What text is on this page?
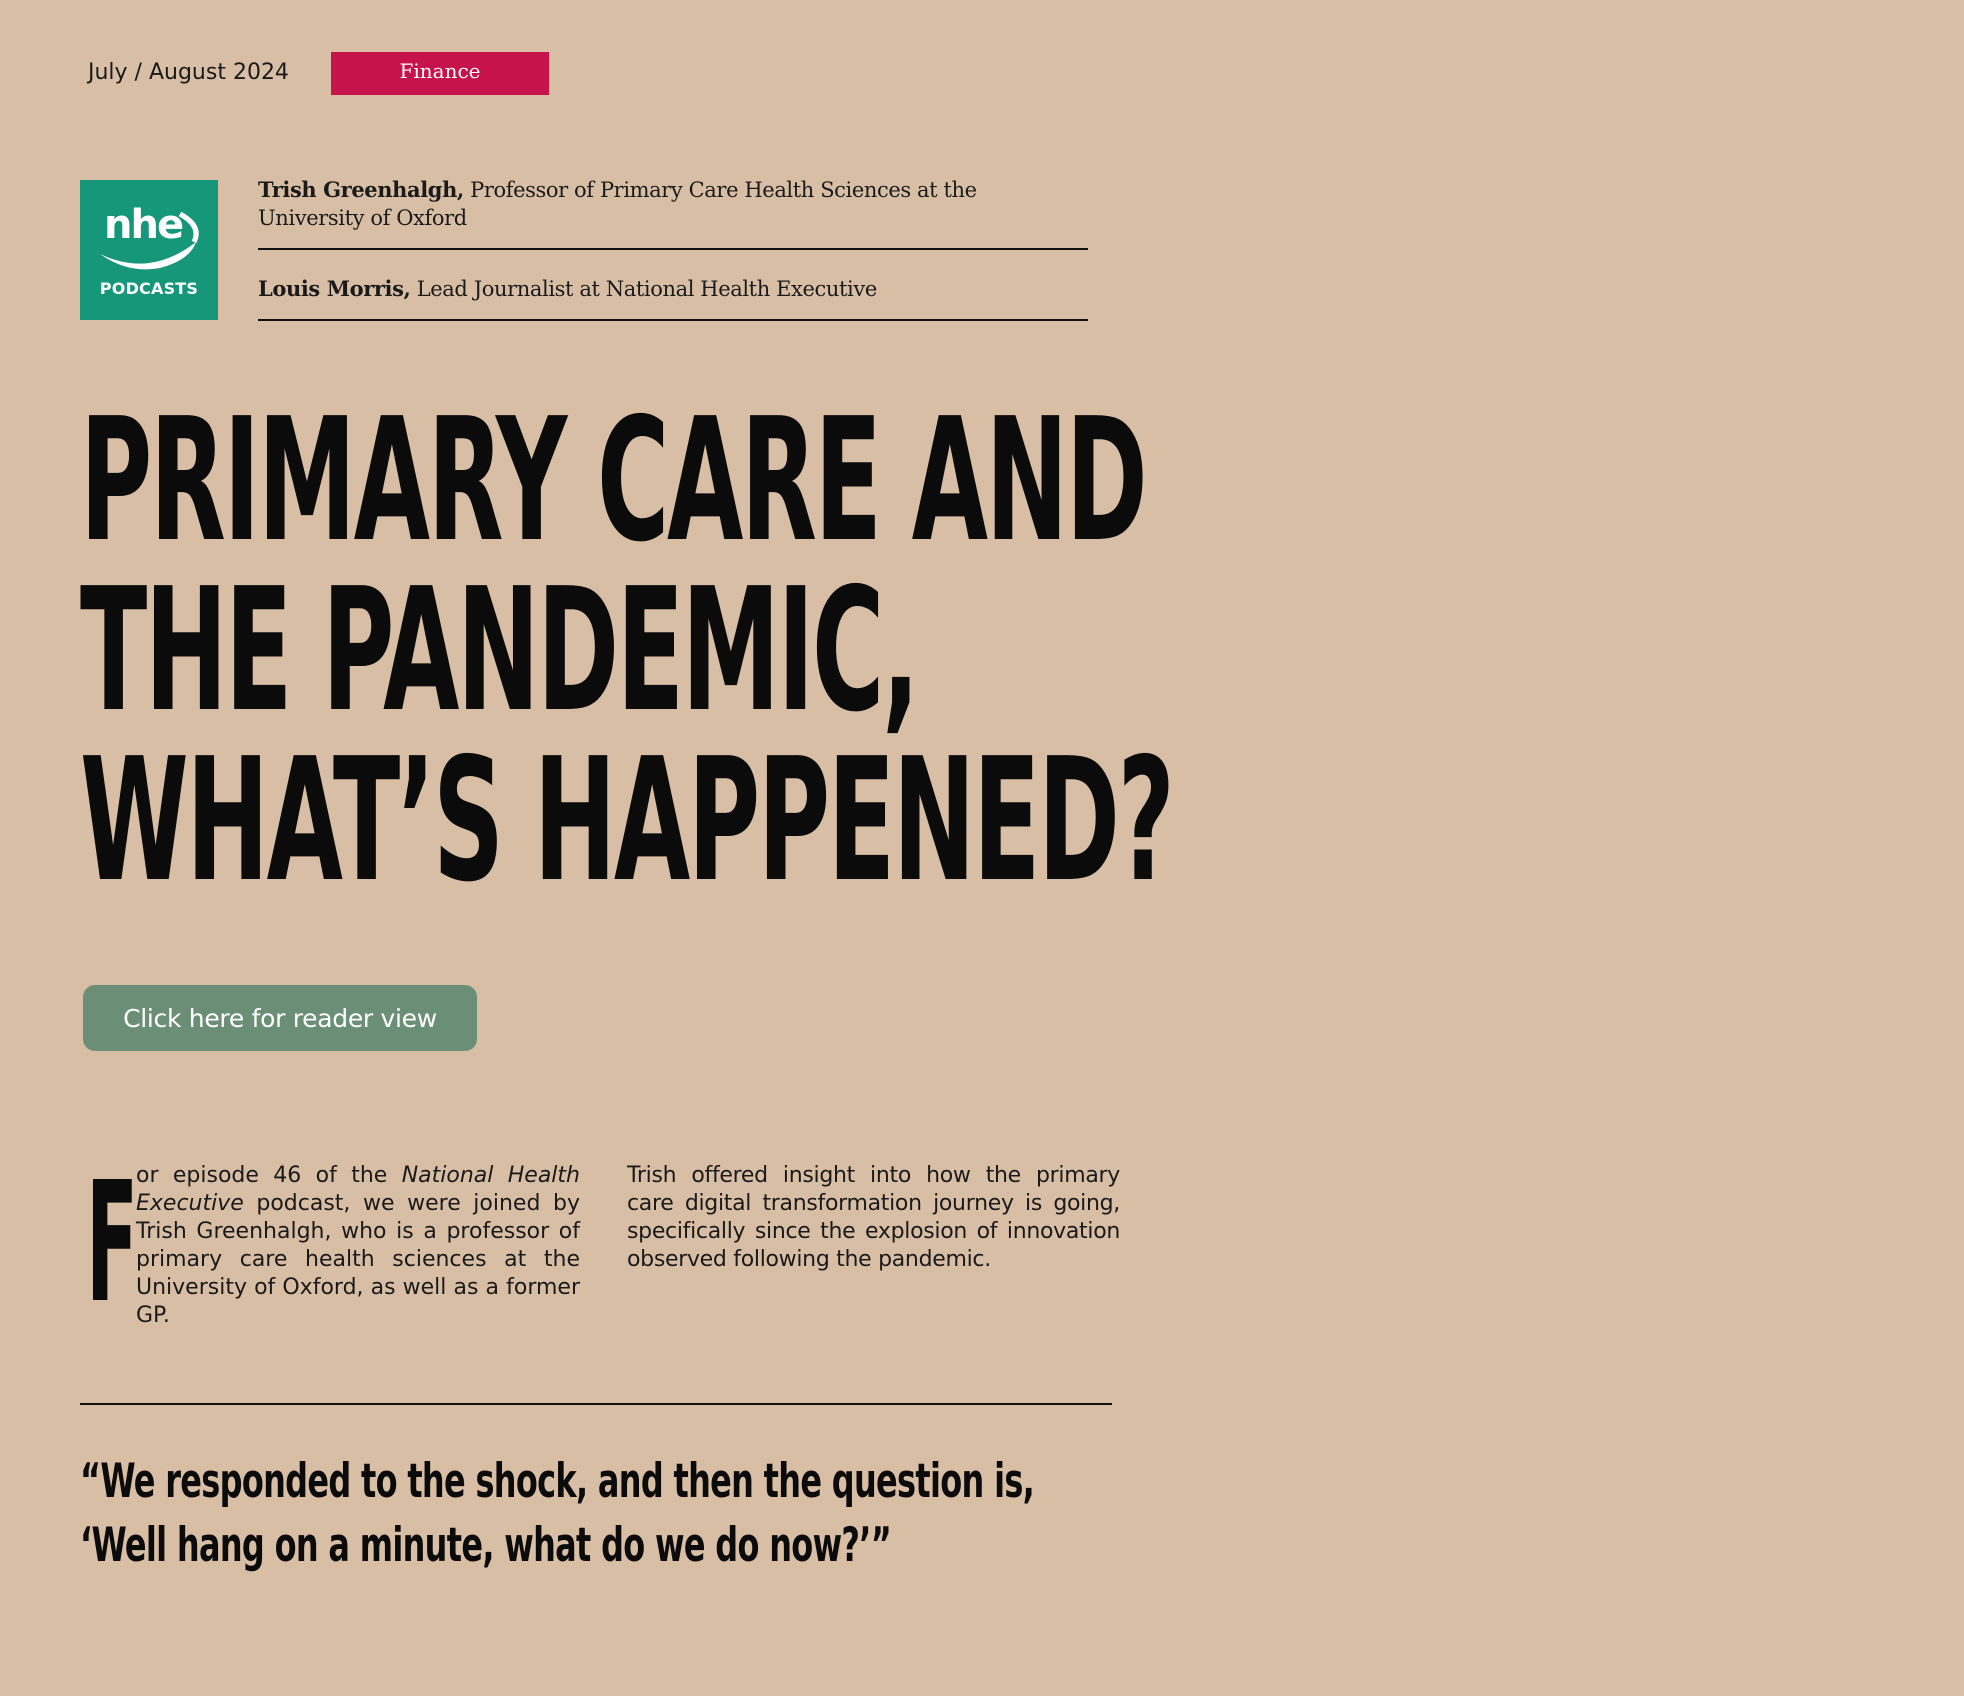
July / August 2024	Finance
nhe
PODCASTS
Trish Greenhalgh, Professor of Primary Care Health Sciences at the University of Oxford
Louis Morris, Lead Journalist at National Health Executive
PRIMARY CARE AND
THE PANDEMIC,
WHAT’S HAPPENED?
Click here for reader view
F
or episode 46 of the National Health Executive podcast, we were joined by Trish Greenhalgh, who is a professor of primary care health sciences at the University of Oxford, as well as a former GP.
Trish offered insight into how the primary care digital transformation journey is going, specifically since the explosion of innovation observed following the pandemic.
“We responded to the shock, and then the question is,
‘Well hang on a minute, what do we do now?’”
